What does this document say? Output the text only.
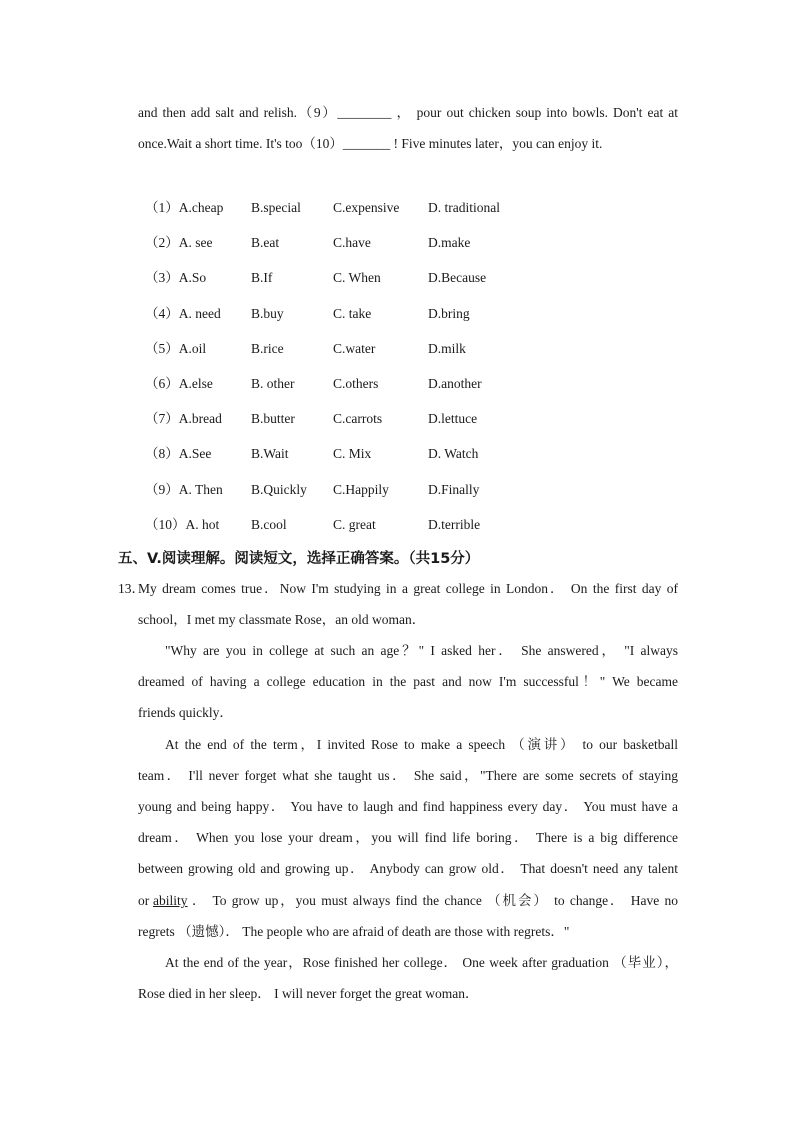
and then add salt and relish.（9）________ ， pour out chicken soup into bowls. Don't eat at
once.Wait a short time. It's too（10）_______ ! Five minutes later，you can enjoy it.
（1）A.cheap B.special C.expensive D. traditional
（2）A. see	B.eat	C.have	D.make
（3）A.So	B.If	C. When	D.Because
（4）A. need B.buy	C. take	D.bring
（5）A.oil	B.rice	C.water	D.milk
（6）A.else	B. other	C.others	D.another
（7）A.bread B.butter	C.carrots	D.lettuce
（8）A.See	B.Wait	C. Mix	D. Watch
（9）A. Then B.Quickly C.Happily	D.Finally
（10）A. hot B.cool	C. great	D.terrible
五、V.阅读理解。阅读短文，选择正确答案。（共15分）
13．
My dream comes true．Now I'm studying in a great college in London． On the first day of
school，I met my classmate Rose，an old woman．
"Why are you in college at such an age？" I asked her． She answered， "I always
dreamed of having a college education in the past and now I'm successful！" We became
friends quickly．
At the end of the term，I invited Rose to make a speech （演讲） to our basketball
team． I'll never forget what she taught us． She said，"There are some secrets of staying
young and being happy． You have to laugh and find happiness every day． You must have a
dream． When you lose your dream，you will find life boring． There is a big difference
between growing old and growing up． Anybody can grow old． That doesn't need any talent
or ability ． To grow up，you must always find the chance （机会） to change． Have no
regrets （遗憾）． The people who are afraid of death are those with regrets．"
At the end of the year，Rose finished her college． One week after graduation （毕业），
Rose died in her sleep． I will never forget the great woman．
